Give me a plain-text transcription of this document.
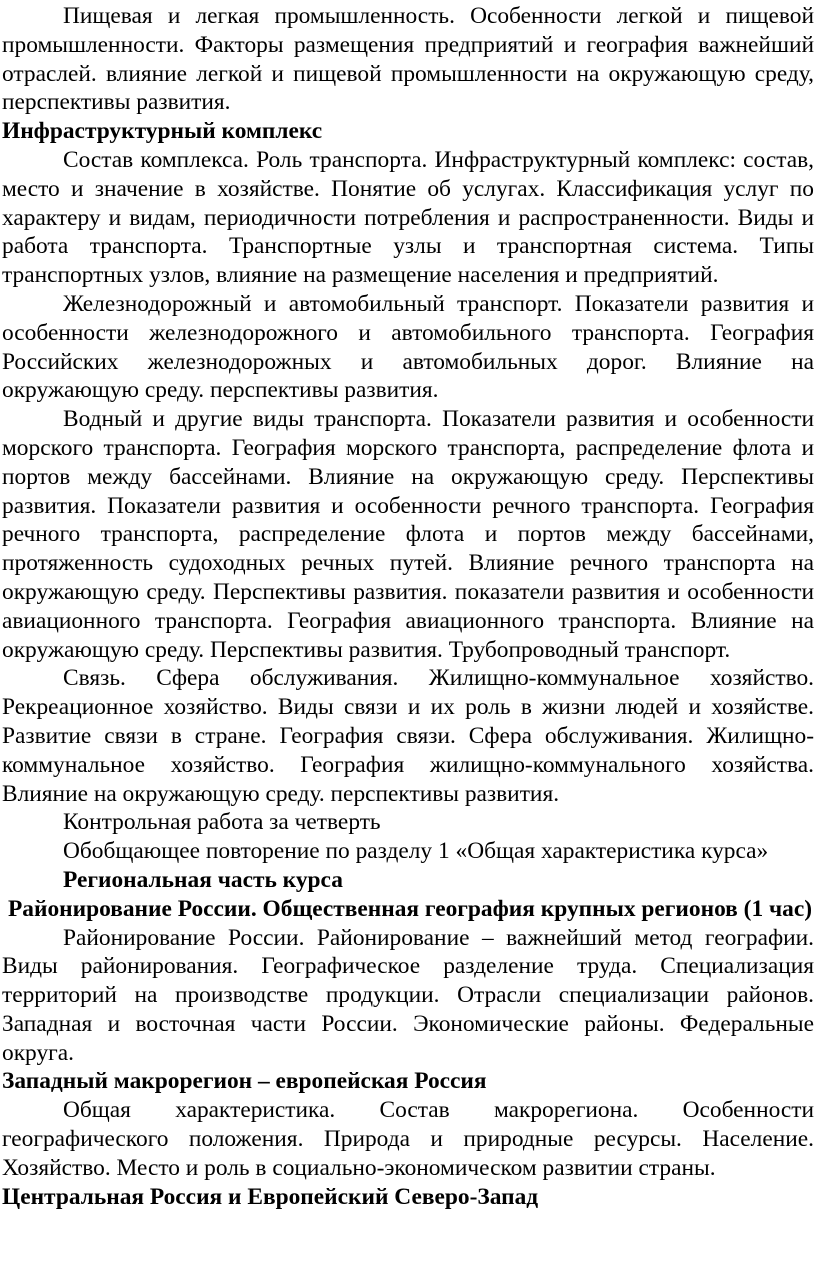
Пищевая и легкая промышленность. Особенности легкой и пищевой промышленности. Факторы размещения предприятий и география важнейший отраслей. влияние легкой и пищевой промышленности на окружающую среду, перспективы развития.

Инфраструктурный комплекс

Состав комплекса. Роль транспорта. Инфраструктурный комплекс: состав, место и значение в хозяйстве. Понятие об услугах. Классификация услуг по характеру и видам, периодичности потребления и распространенности. Виды и работа транспорта. Транспортные узлы и транспортная система. Типы транспортных узлов, влияние на размещение населения и предприятий.

Железнодорожный и автомобильный транспорт. Показатели развития и особенности железнодорожного и автомобильного транспорта. География Российских железнодорожных и автомобильных дорог. Влияние на окружающую среду. перспективы развития.

Водный и другие виды транспорта. Показатели развития и особенности морского транспорта. География морского транспорта, распределение флота и портов между бассейнами. Влияние на окружающую среду. Перспективы развития. Показатели развития и особенности речного транспорта. География речного транспорта, распределение флота и портов между бассейнами, протяженность судоходных речных путей. Влияние речного транспорта на окружающую среду. Перспективы развития. показатели развития и особенности авиационного транспорта. География авиационного транспорта. Влияние на окружающую среду. Перспективы развития. Трубопроводный транспорт.

Связь. Сфера обслуживания. Жилищно-коммунальное хозяйство. Рекреационное хозяйство. Виды связи и их роль в жизни людей и хозяйстве. Развитие связи в стране. География связи. Сфера обслуживания. Жилищно-коммунальное хозяйство. География жилищно-коммунального хозяйства. Влияние на окружающую среду. перспективы развития.

Контрольная работа за четверть

Обобщающее повторение по разделу 1 «Общая характеристика курса»

Региональная часть курса

Районирование России. Общественная география крупных регионов (1 час)

Районирование России. Районирование – важнейший метод географии. Виды районирования. Географическое разделение труда. Специализация территорий на производстве продукции. Отрасли специализации районов. Западная и восточная части России. Экономические районы. Федеральные округа.

Западный макрорегион – европейская Россия

Общая характеристика. Состав макрорегиона. Особенности географического положения. Природа и природные ресурсы. Население. Хозяйство. Место и роль в социально-экономическом развитии страны.

Центральная Россия и Европейский Северо-Запад
